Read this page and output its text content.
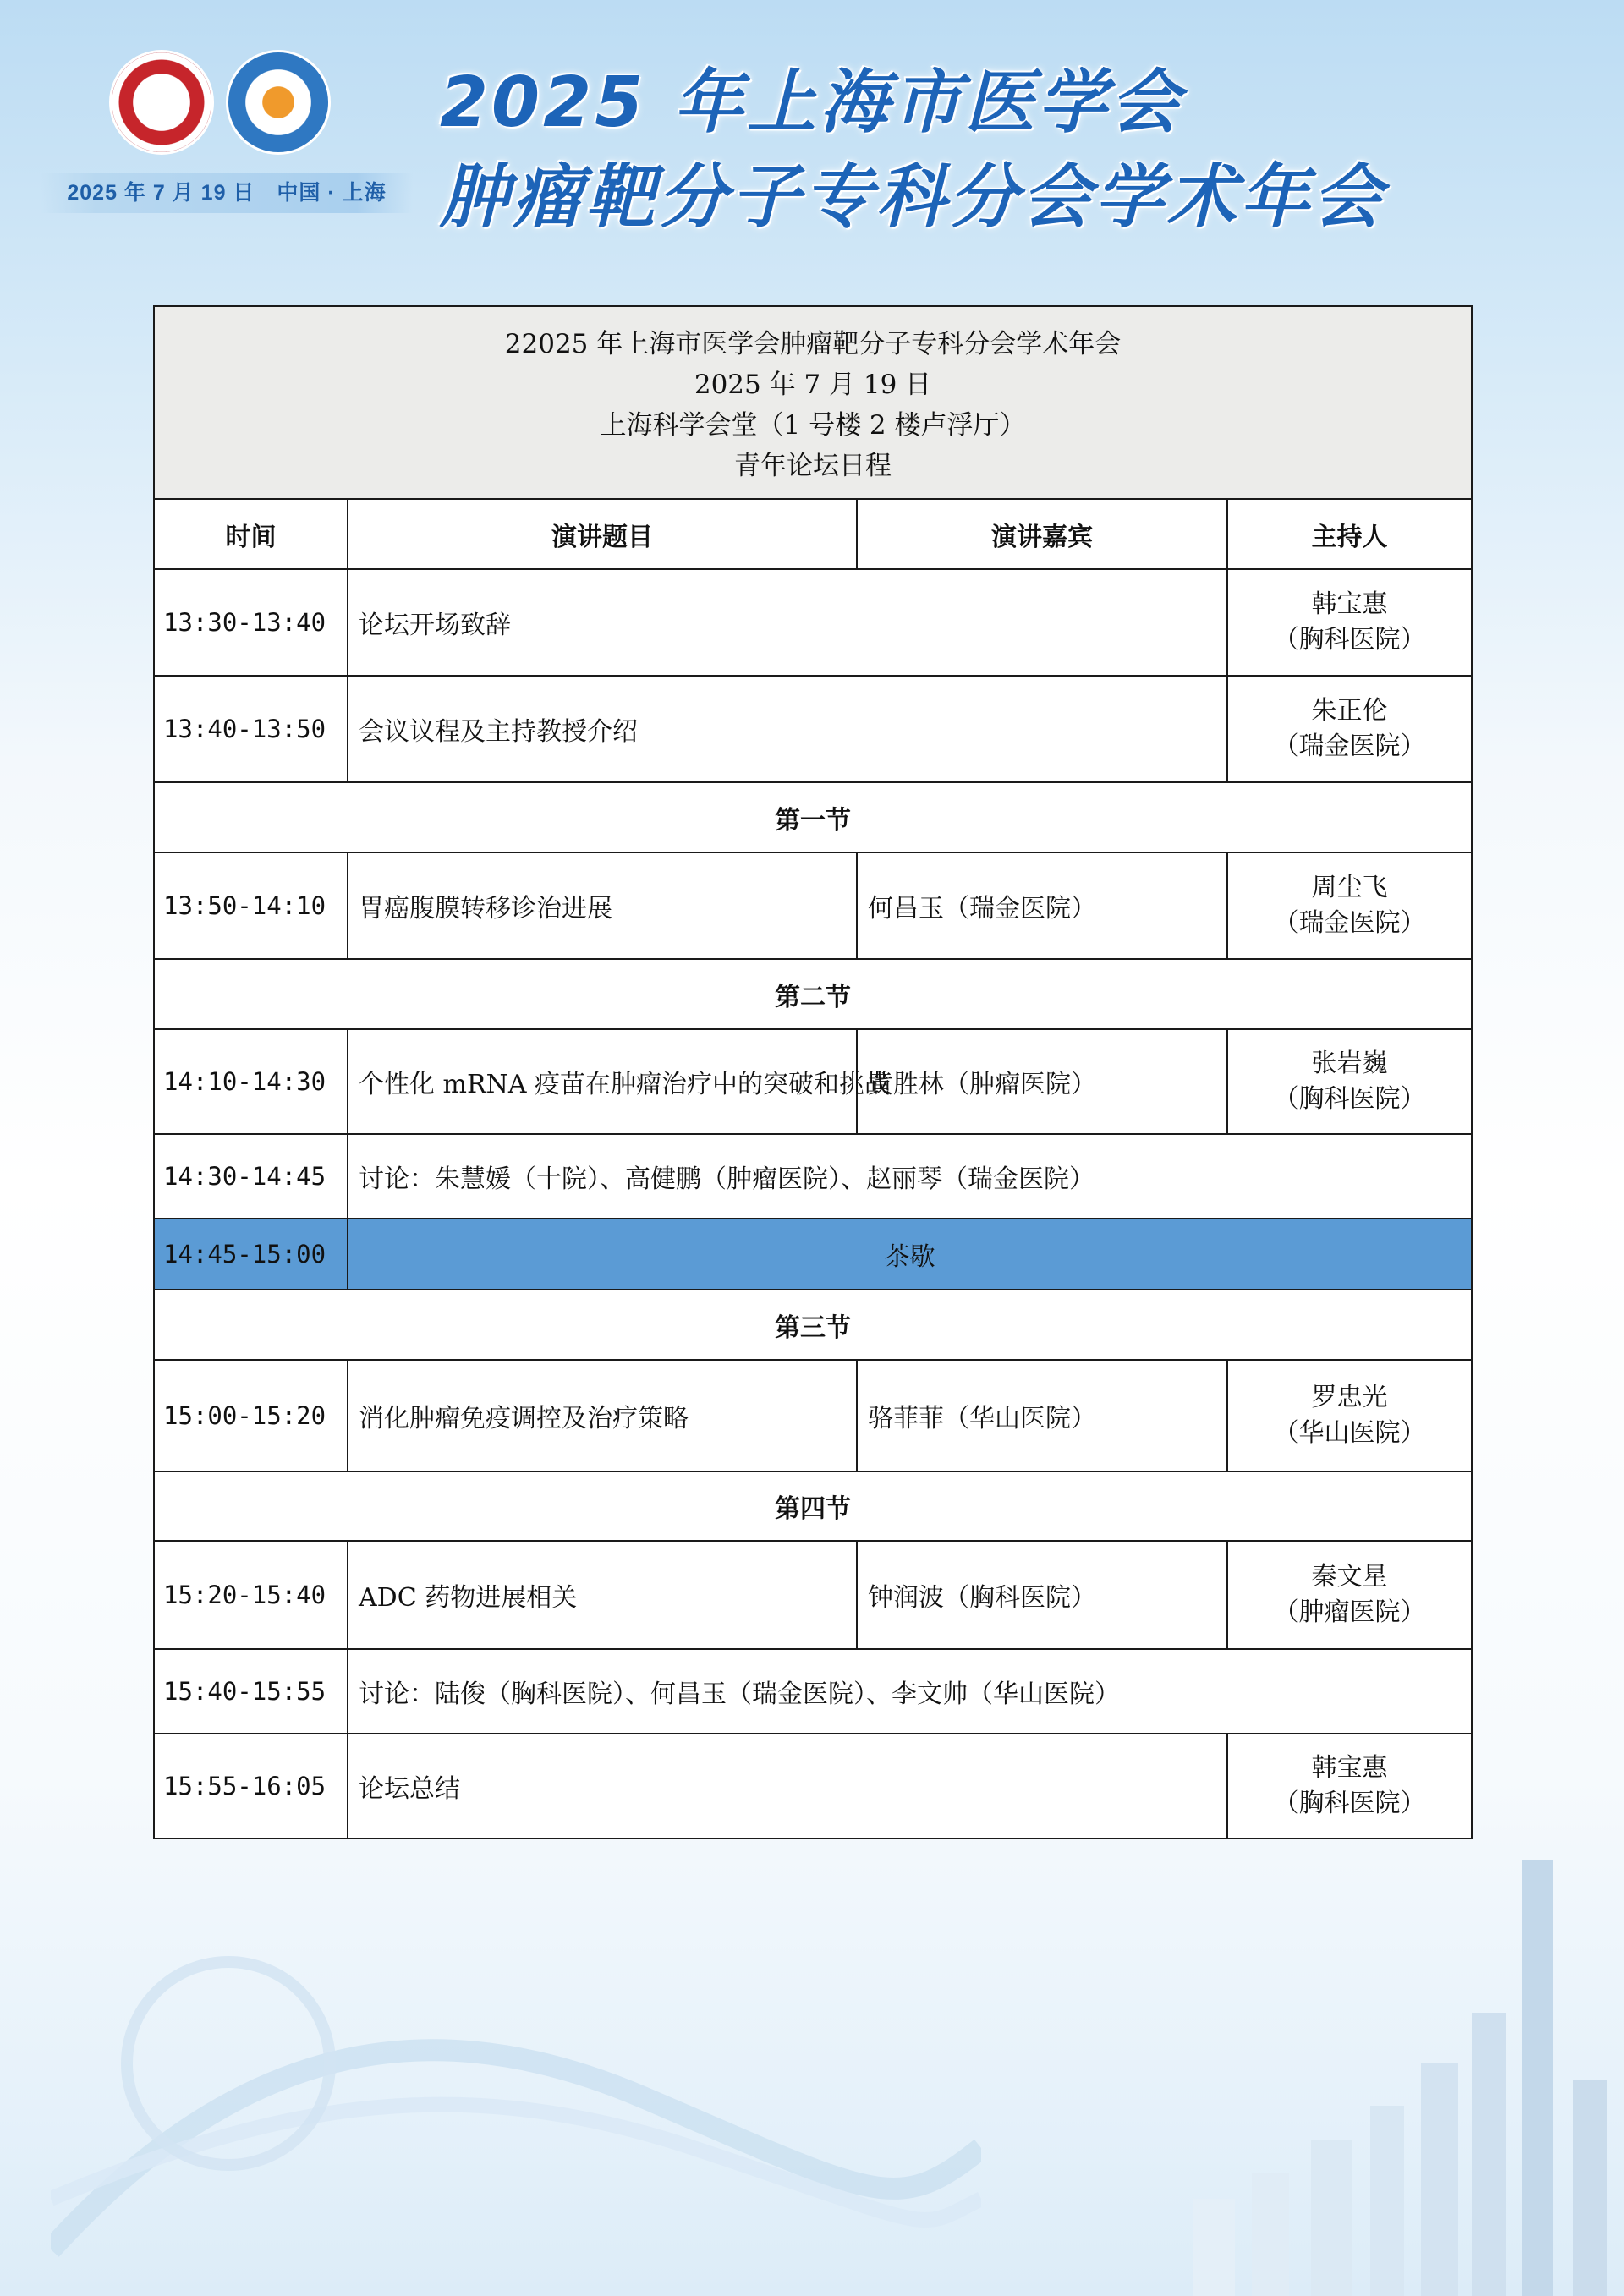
2025 年 7 月 19 日　中国 · 上海
2025 年上海市医学会
肿瘤靶分子专科分会学术年会
22025 年上海市医学会肿瘤靶分子专科分会学术年会
2025 年 7 月 19 日
上海科学会堂（1 号楼 2 楼卢浮厅）
青年论坛日程			

时间	演讲题目	演讲嘉宾	主持人
13:30-13:40	论坛开场致辞		韩宝惠
（胸科医院）

13:40-13:50	会议议程及主持教授介绍		朱正伦
（瑞金医院）

第一节			
13:50-14:10	胃癌腹膜转移诊治进展	何昌玉（瑞金医院）	周尘飞
（瑞金医院）

第二节			
14:10-14:30	个性化 mRNA 疫苗在肿瘤治疗中的突破和挑战	黄胜林（肿瘤医院）	张岩巍
（胸科医院）

14:30-14:45	讨论：朱慧媛（十院）、高健鹏（肿瘤医院）、赵丽琴（瑞金医院）		
14:45-15:00	茶歇		
第三节			
15:00-15:20	消化肿瘤免疫调控及治疗策略	骆菲菲（华山医院）	罗忠光
（华山医院）

第四节			
15:20-15:40	ADC 药物进展相关	钟润波（胸科医院）	秦文星
（肿瘤医院）

15:40-15:55	讨论：陆俊（胸科医院）、何昌玉（瑞金医院）、李文帅（华山医院）		
15:55-16:05	论坛总结		韩宝惠
（胸科医院）
